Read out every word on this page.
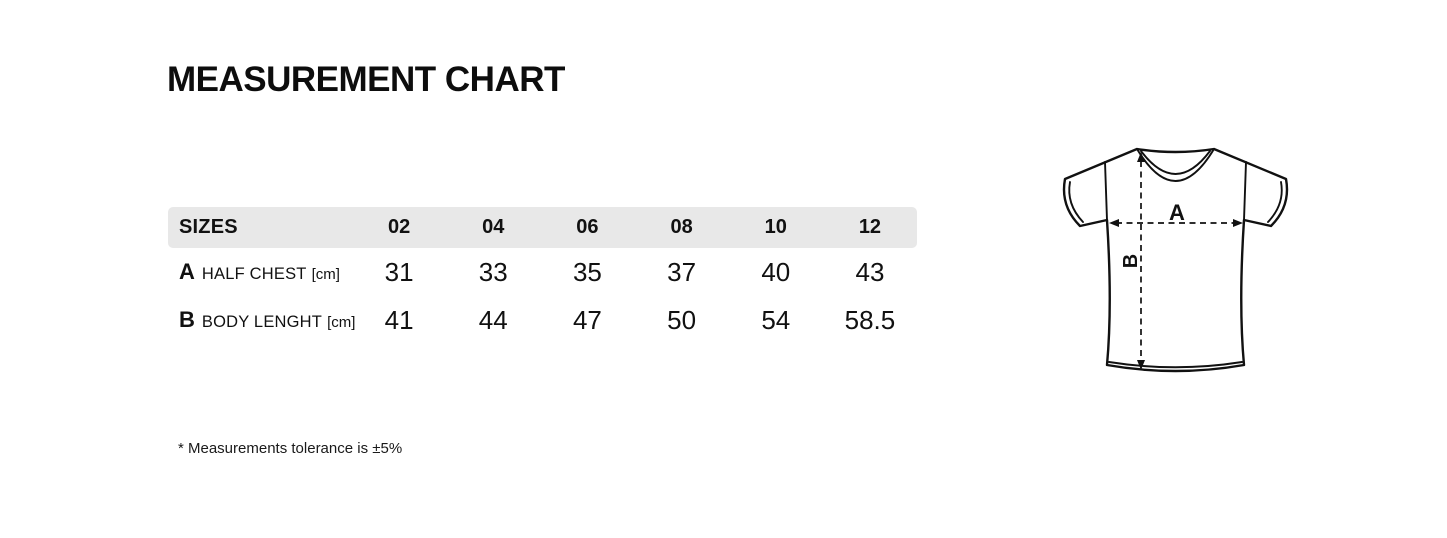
MEASUREMENT CHART
SIZES	02	04	06	08	10	12
A HALF CHEST [cm]	31	33	35	37	40	43
B BODY LENGHT [cm]	41	44	47	50	54	58.5
* Measurements tolerance is ±5%
A
B
